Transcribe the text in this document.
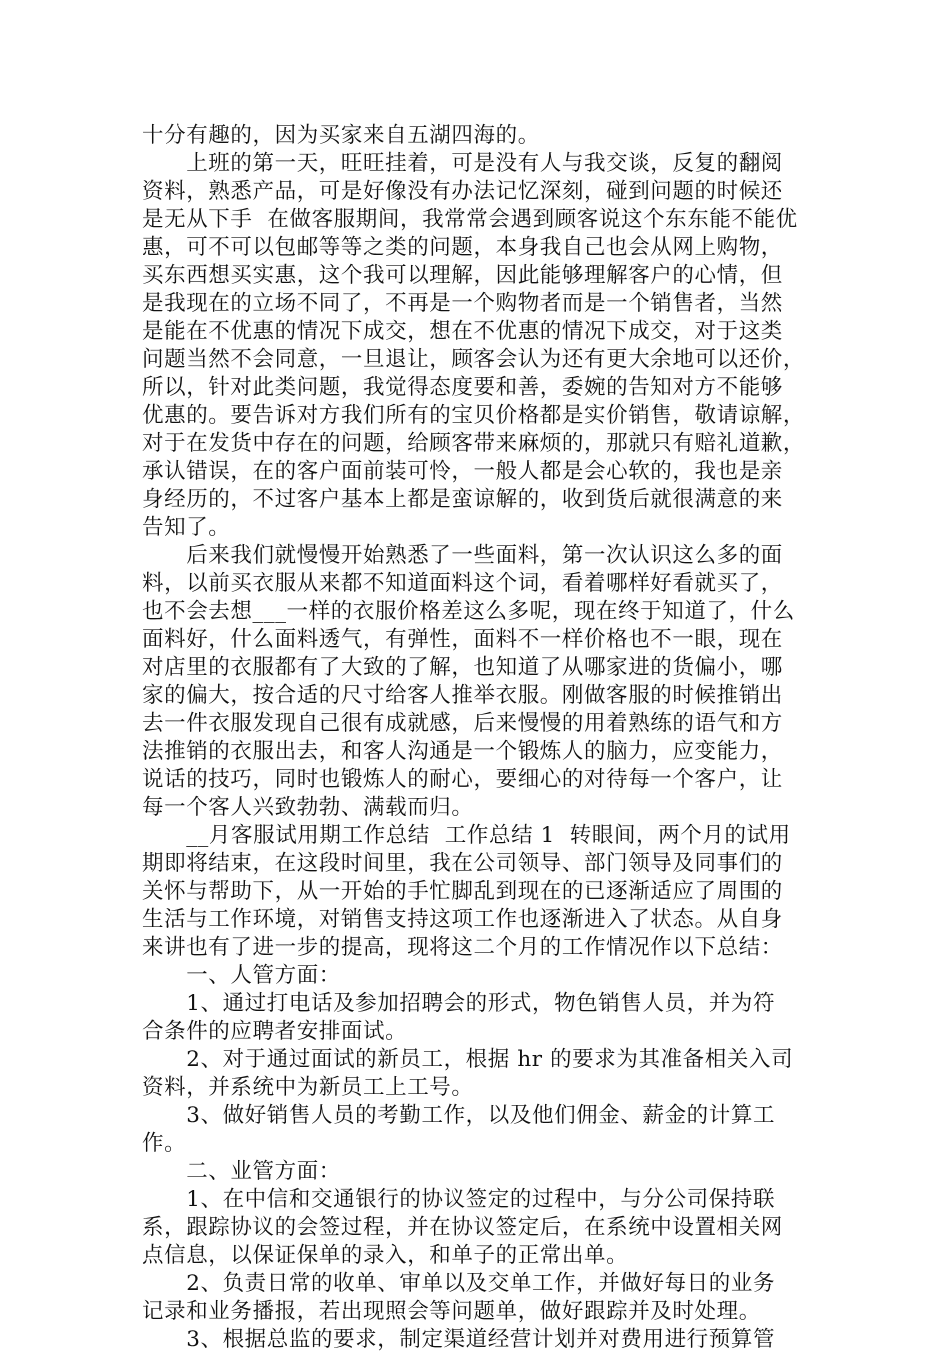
十分有趣的，因为买家来自五湖四海的。
　　上班的第一天，旺旺挂着，可是没有人与我交谈，反复的翻阅
资料，熟悉产品，可是好像没有办法记忆深刻，碰到问题的时候还
是无从下手  在做客服期间，我常常会遇到顾客说这个东东能不能优
惠，可不可以包邮等等之类的问题，本身我自己也会从网上购物，
买东西想买实惠，这个我可以理解，因此能够理解客户的心情，但
是我现在的立场不同了，不再是一个购物者而是一个销售者，当然
是能在不优惠的情况下成交，想在不优惠的情况下成交，对于这类
问题当然不会同意，一旦退让，顾客会认为还有更大余地可以还价，
所以，针对此类问题，我觉得态度要和善，委婉的告知对方不能够
优惠的。要告诉对方我们所有的宝贝价格都是实价销售，敬请谅解，
对于在发货中存在的问题，给顾客带来麻烦的，那就只有赔礼道歉，
承认错误，在的客户面前装可怜，一般人都是会心软的，我也是亲
身经历的，不过客户基本上都是蛮谅解的，收到货后就很满意的来
告知了。
　　后来我们就慢慢开始熟悉了一些面料，第一次认识这么多的面
料，以前买衣服从来都不知道面料这个词，看着哪样好看就买了，
也不会去想___一样的衣服价格差这么多呢，现在终于知道了，什么
面料好，什么面料透气，有弹性，面料不一样价格也不一眼，现在
对店里的衣服都有了大致的了解，也知道了从哪家进的货偏小，哪
家的偏大，按合适的尺寸给客人推举衣服。刚做客服的时候推销出
去一件衣服发现自己很有成就感，后来慢慢的用着熟练的语气和方
法推销的衣服出去，和客人沟通是一个锻炼人的脑力，应变能力，
说话的技巧，同时也锻炼人的耐心，要细心的对待每一个客户，让
每一个客人兴致勃勃、满载而归。
　　__月客服试用期工作总结  工作总结 1  转眼间，两个月的试用
期即将结束，在这段时间里，我在公司领导、部门领导及同事们的
关怀与帮助下，从一开始的手忙脚乱到现在的已逐渐适应了周围的
生活与工作环境，对销售支持这项工作也逐渐进入了状态。从自身
来讲也有了进一步的提高，现将这二个月的工作情况作以下总结：
　　一、人管方面：
　　1、通过打电话及参加招聘会的形式，物色销售人员，并为符
合条件的应聘者安排面试。
　　2、对于通过面试的新员工，根据 hr 的要求为其准备相关入司
资料，并系统中为新员工上工号。
　　3、做好销售人员的考勤工作，以及他们佣金、薪金的计算工
作。
　　二、业管方面：
　　1、在中信和交通银行的协议签定的过程中，与分公司保持联
系，跟踪协议的会签过程，并在协议签定后，在系统中设置相关网
点信息，以保证保单的录入，和单子的正常出单。
　　2、负责日常的收单、审单以及交单工作，并做好每日的业务
记录和业务播报，若出现照会等问题单，做好跟踪并及时处理。
　　3、根据总监的要求，制定渠道经营计划并对费用进行预算管
